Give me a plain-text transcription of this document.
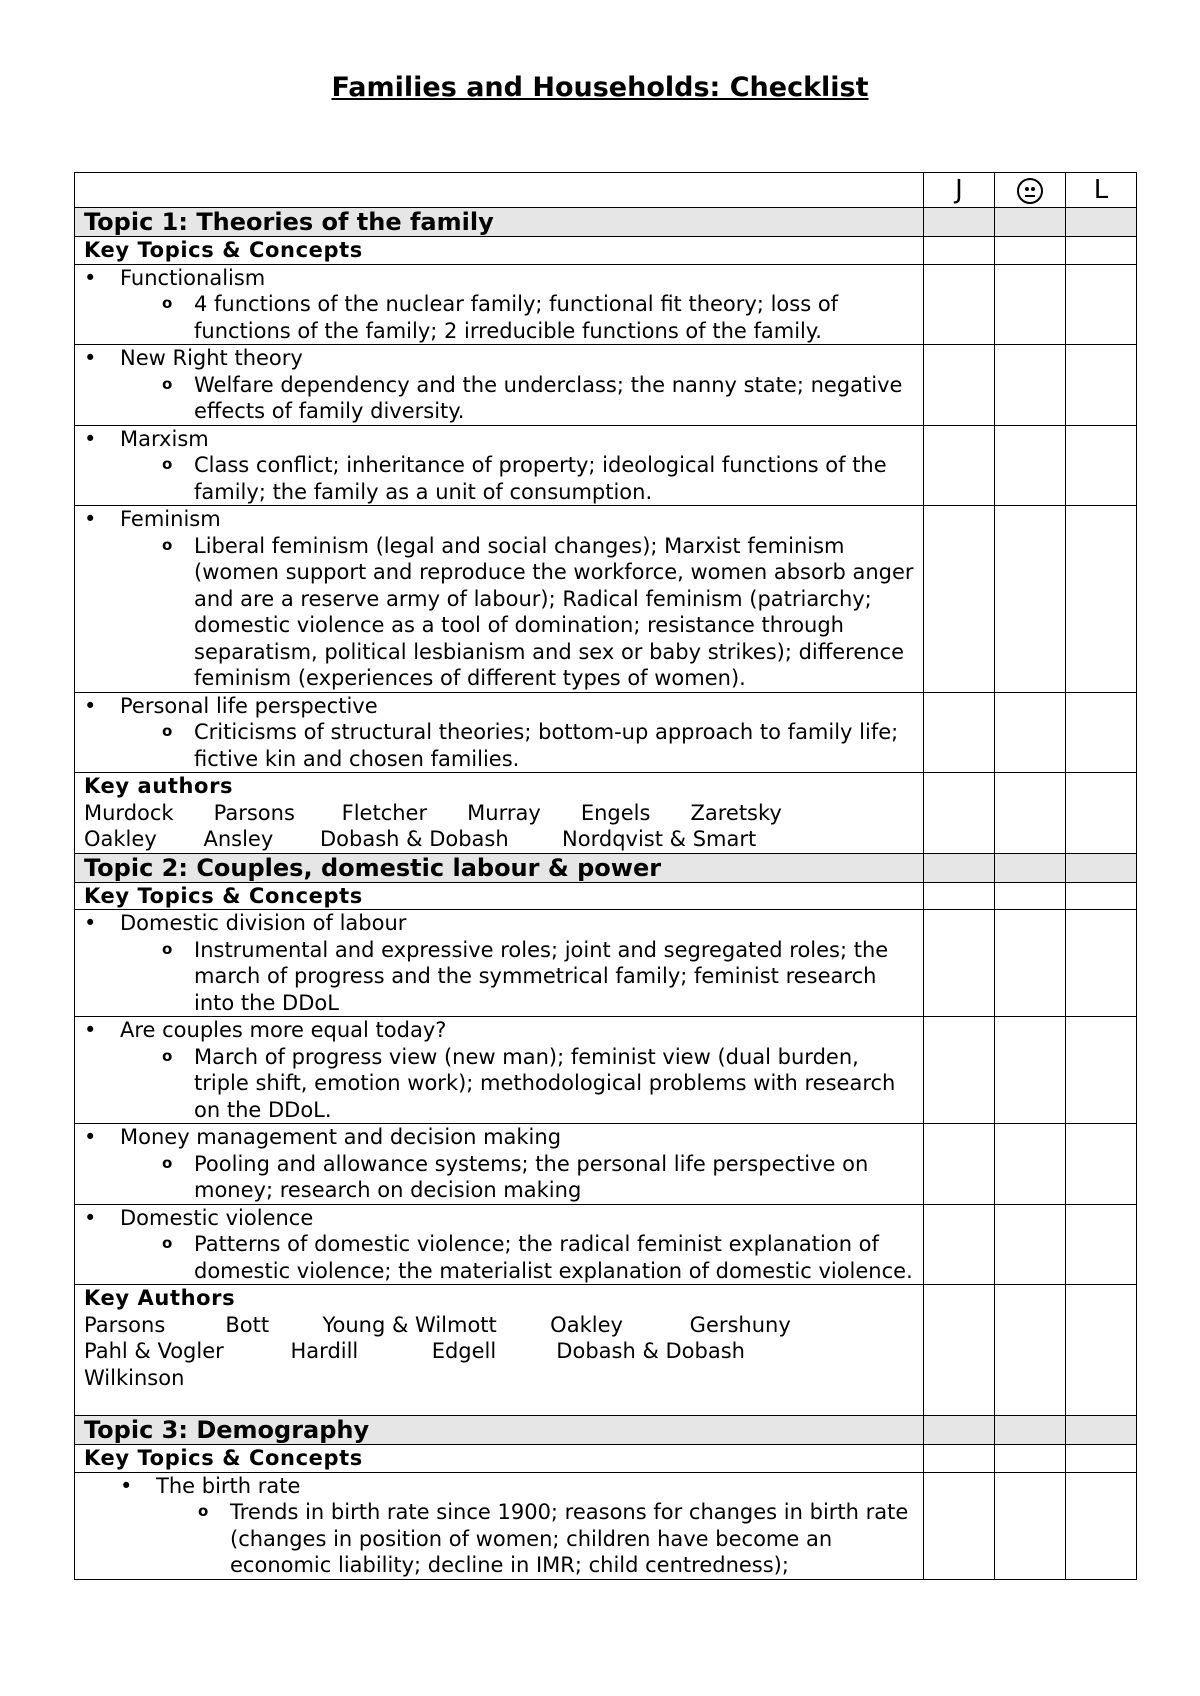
Families and Households: Checklist
	J		L
Topic 1: Theories of the family			
Key Topics & Concepts			

• Functionalism
o 4 functions of the nuclear family; functional fit theory; loss of functions of the family; 2 irreducible functions of the family.

• New Right theory
o Welfare dependency and the underclass; the nanny state; negative effects of family diversity.

• Marxism
o Class conflict; inheritance of property; ideological functions of the family; the family as a unit of consumption.

• Feminism
o Liberal feminism (legal and social changes); Marxist feminism (women support and reproduce the workforce, women absorb anger and are a reserve army of labour); Radical feminism (patriarchy; domestic violence as a tool of domination; resistance through separatism, political lesbianism and sex or baby strikes); difference feminism (experiences of different types of women).

• Personal life perspective
o Criticisms of structural theories; bottom-up approach to family life; fictive kin and chosen families.

Key authors
Murdock      Parsons       Fletcher      Murray      Engels      Zaretsky
Oakley       Ansley       Dobash & Dobash        Nordqvist & Smart			

Topic 2: Couples, domestic labour & power			
Key Topics & Concepts			

• Domestic division of labour
o Instrumental and expressive roles; joint and segregated roles; the march of progress and the symmetrical family; feminist research into the DDoL

• Are couples more equal today?
o March of progress view (new man); feminist view (dual burden, triple shift, emotion work); methodological problems with research on the DDoL.

• Money management and decision making
o Pooling and allowance systems; the personal life perspective on money; research on decision making

• Domestic violence
o Patterns of domestic violence; the radical feminist explanation of domestic violence; the materialist explanation of domestic violence.

Key Authors
Parsons         Bott        Young & Wilmott        Oakley          Gershuny
Pahl & Vogler          Hardill           Edgell         Dobash & Dobash
Wilkinson			

Topic 3: Demography			
Key Topics & Concepts			

• The birth rate
o Trends in birth rate since 1900; reasons for changes in birth rate (changes in position of women; children have become an economic liability; decline in IMR; child centredness);
